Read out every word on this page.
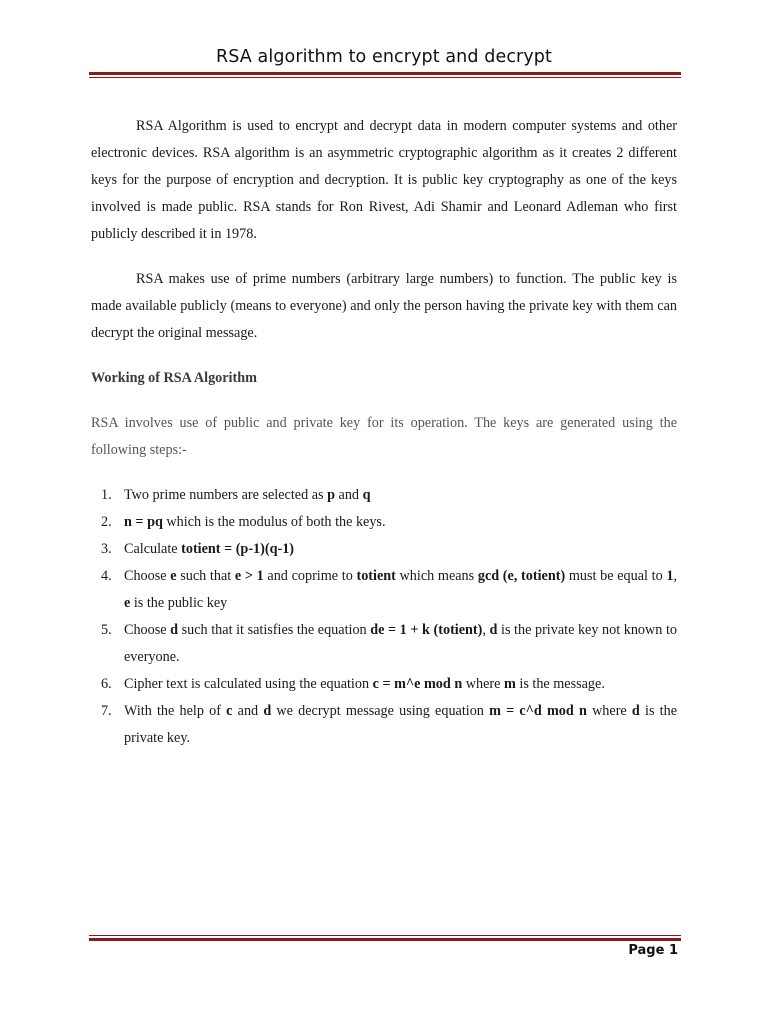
RSA algorithm to encrypt and decrypt

RSA Algorithm is used to encrypt and decrypt data in modern computer systems and other electronic devices. RSA algorithm is an asymmetric cryptographic algorithm as it creates 2 different keys for the purpose of encryption and decryption. It is public key cryptography as one of the keys involved is made public. RSA stands for Ron Rivest, Adi Shamir and Leonard Adleman who first publicly described it in 1978.

RSA makes use of prime numbers (arbitrary large numbers) to function. The public key is made available publicly (means to everyone) and only the person having the private key with them can decrypt the original message.

Working of RSA Algorithm

RSA involves use of public and private key for its operation. The keys are generated using the following steps:-

1. Two prime numbers are selected as p and q
2. n = pq which is the modulus of both the keys.
3. Calculate totient = (p-1)(q-1)
4. Choose e such that e > 1 and coprime to totient which means gcd (e, totient) must be equal to 1, e is the public key
5. Choose d such that it satisfies the equation de = 1 + k (totient), d is the private key not known to everyone.
6. Cipher text is calculated using the equation c = m^e mod n where m is the message.
7. With the help of c and d we decrypt message using equation m = c^d mod n where d is the private key.
Page 1
